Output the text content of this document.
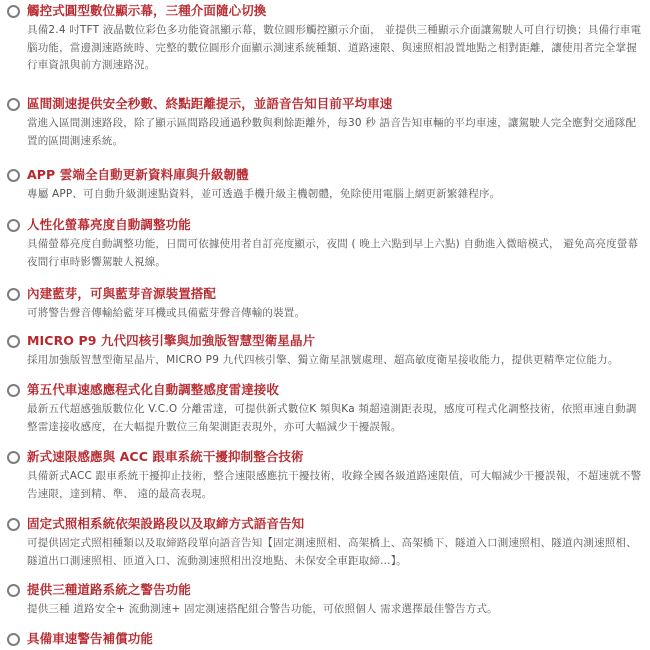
觸控式圓型數位顯示幕，三種介面隨心切換
具備2.4 吋TFT 液晶數位彩色多功能資訊顯示幕，數位圓形觸控顯示介面， 並提供三種顯示介面讓駕駛人可自行切換；具備行車電腦功能，當邊測速路統時、完整的數位圓形介面顯示測速系統種類、道路速限、與速照相設置地點之相對距離，讓使用者完全掌握行車資訊與前方測速路況。
區間測速提供安全秒數、終點距離提示，並語音告知目前平均車速
當進入區間測速路段，除了顯示區間路段通過秒數與剩餘距離外，每30 秒 語音告知車輛的平均車速，讓駕駛人完全應對交通隊配置的區間測速系統。
APP 雲端全自動更新資料庫與升級韌體
專屬 APP、可自動升級測速點資料，並可透過手機升級主機韌體，免除使用電腦上網更新繁雜程序。
人性化螢幕亮度自動調整功能
具備螢幕亮度自動調整功能，日間可依據使用者自訂亮度顯示，夜間 ( 晚上六點到早上六點) 自動進入微暗模式， 避免高亮度螢幕夜間行車時影響駕駛人視線。
內建藍芽，可與藍芽音源裝置搭配
可將警告聲音傳輸給藍芽耳機或具備藍芽聲音傳輸的裝置。
MICRO P9 九代四核引擎與加強版智慧型衛星晶片
採用加強版智慧型衛星晶片，MICRO P9 九代四核引擎、獨立衛星訊號處理、超高敏度衛星接收能力，提供更精準定位能力。
第五代車速感應程式化自動調整感度雷達接收
最新五代超感強版數位化 V.C.O 分離雷達，可提供新式數位K 頻與Ka 頻超遠測距表現，感度可程式化調整技術，依照車速自動調整雷達接收感度，在大幅提升數位三角架測距表現外，亦可大幅減少干擾誤報。
新式速限感應與 ACC 跟車系統干擾抑制整合技術
具備新式ACC 跟車系統干擾抑止技術，整合速限感應抗干擾技術，收錄全國各級道路速限值，可大幅減少干擾誤報，不超速就不警告速限，達到精、準、 遠的最高表現。
固定式照相系統依架設路段以及取締方式語音告知
可提供固定式照相種類以及取締路段單向語音告知【固定測速照相、高架橋上、高架橋下、隧道入口測速照相、隧道內測速照相、隧道出口測速照相、匝道入口、流動測速照相出沒地點、未保安全車距取締...】。
提供三種道路系統之警告功能
提供三種 道路安全+ 流動測速+ 固定測速搭配組合警告功能，可依照個人 需求選擇最佳警告方式。
具備車速警告補償功能
